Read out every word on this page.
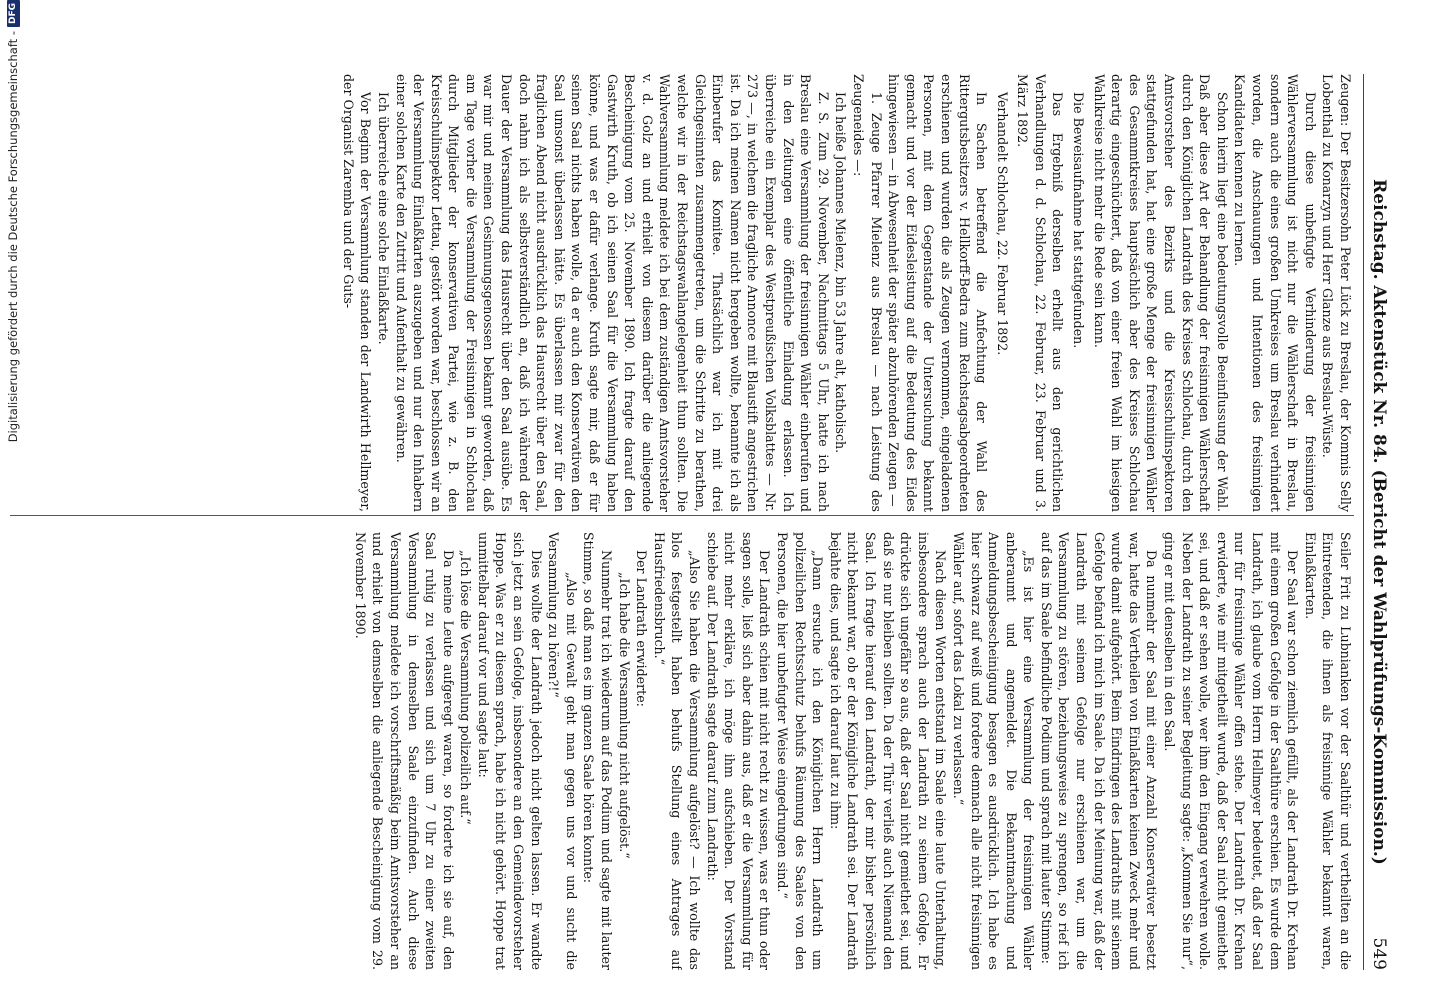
Reichstag. Aktenstück Nr. 84. (Bericht der Wahlprüfungs-Kommission.)
549

Zeugen: Der Besitzersohn Peter Lück zu Breslau, der Kommis Selly Lobenthal zu Konarzyn und Herr Glanze aus Breslau-Wüste.

Durch diese unbefugte Verhinderung der freisinnigen Wählerversammlung ist nicht nur die Wählerschaft in Breslau, sondern auch die eines großen Umkreises um Breslau verhindert worden, die Anschauungen und Intentionen des freisinnigen Kandidaten kennen zu lernen.

Schon hierin liegt eine bedeutungsvolle Beeinflussung der Wahl. Daß aber diese Art der Behandlung der freisinnigen Wählerschaft durch den Königlichen Landrath des Kreises Schlochau, durch den Amtsvorsteher des Bezirks und die Kreisschulinspektoren stattgefunden hat, hat eine große Menge der freisinnigen Wähler des Gesammtkreises hauptsächlich aber des Kreises Schlochau derartig eingeschüchtert, daß von einer freien Wahl im hiesigen Wahlkreise nicht mehr die Rede sein kann.

Die Beweisaufnahme hat stattgefunden.

Das Ergebniß derselben erhellt aus den gerichtlichen Verhandlungen d. d. Schlochau, 22. Februar, 23. Februar und 3. März 1892.

Verhandelt Schlochau, 22. Februar 1892.

In Sachen betreffend die Anfechtung der Wahl des Rittergutsbesitzers v. Hellkorff-Bedra zum Reichstagsabgeordneten erschienen und wurden die als Zeugen vernommen, eingeladenen Personen, mit dem Gegenstande der Untersuchung bekannt gemacht und vor der Eidesleistung auf die Bedeutung des Eides hingewiesen — in Abwesenheit der später abzuhörenden Zeugen —

1. Zeuge Pfarrer Mielenz aus Breslau — nach Leistung des Zeugeneides —:

Ich heiße Johannes Mielenz, bin 53 Jahre alt, katholisch.

Z. S. Zum 29. November, Nachmittags 5 Uhr, hatte ich nach Breslau eine Versammlung der freisinnigen Wähler einberufen und in den Zeitungen eine öffentliche Einladung erlassen. Ich überreiche ein Exemplar des Westpreußischen Volksblattes — Nr. 273 —, in welchem die fragliche Annonce mit Blaustift angestrichen ist. Da ich meinen Namen nicht hergeben wollte, benannte ich als Einberufer das Komitee. Thatsächlich war ich mit drei Gleichgesinnten zusammengetreten, um die Schritte zu berathen, welche wir in der Reichstagswahlangelegenheit thun sollten. Die Wahlversammlung meldete ich bei dem zuständigen Amtsvorsteher v. d. Golz an und erhielt von diesem darüber die anliegende Bescheinigung vom 25. November 1890. Ich fragte darauf den Gastwirth Kruth, ob ich seinen Saal für die Versammlung haben könne, und was er dafür verlange. Kruth sagte mir, daß er für seinen Saal nichts haben wolle, da er auch den Konservativen den Saal umsonst überlassen hätte. Es überlassen mir zwar für den fraglichen Abend nicht ausdrücklich das Hausrecht über den Saal, doch nahm ich als selbstverständlich an, daß ich während der Dauer der Versammlung das Hausrecht über den Saal ausübe. Es war mir und meinen Gesinnungsgenossen bekannt geworden, daß am Tage vorher die Versammlung der Freisinnigen in Schlochau durch Mitglieder der konservativen Partei, wie z. B. den Kreisschulinspektor Lettau, gestört worden war, beschlossen wir an der Versammlung Einlaßkarten auszugeben und nur den Inhabern einer solchen Karte den Zutritt und Aufenthalt zu gewähren.

Ich überreiche eine solche Einlaßkarte.

Vor Beginn der Versammlung standen der Landwirth Hellmeyer, der Organist Zaremba und der Guts-

Seiler Frit zu Lubnianken vor der Saalthür und vertheilten an die Eintretenden, die ihnen als freisinnige Wähler bekannt waren, Einlaßkarten.

Der Saal war schon ziemlich gefüllt, als der Landrath Dr. Krehan mit einem großen Gefolge in der Saalthüre erschien. Es wurde dem Landrath, ich glaube vom Herrn Hellmeyer bedeutet, daß der Saal nur für freisinnige Wähler offen stehe. Der Landrath Dr. Krehan erwiderte, wie mir mitgetheilt wurde, daß der Saal nicht gemiethet sei, und daß er sehen wolle, wer ihm den Eingang verwehren wolle. Neben der Landrath zu seiner Begleitung sagte: „Kommen Sie nur“, ging er mit denselben in den Saal.

Da nunmehr der Saal mit einer Anzahl Konservativer besetzt war, hatte das Vertheilen von Einlaßkarten keinen Zweck mehr und wurde damit aufgehört. Beim Eindringen des Landraths mit seinem Gefolge befand ich mich im Saale. Da ich der Meinung war, daß der Landrath mit seinem Gefolge nur erschienen war, um die Versammlung zu stören, beziehungsweise zu sprengen, so rief ich auf das im Saale befindliche Podium und sprach mit lauter Stimme:

„Es ist hier eine Versammlung der freisinnigen Wähler anberaumt und angemeldet. Die Bekanntmachung und Anmeldungsbescheinigung besagen es ausdrücklich. Ich habe es hier schwarz auf weiß und fordere demnach alle nicht freisinnigen Wähler auf, sofort das Lokal zu verlassen.“

Nach diesen Worten entstand im Saale eine laute Unterhaltung, insbesondere sprach auch der Landrath zu seinem Gefolge. Er drückte sich ungefähr so aus, daß der Saal nicht gemiethet sei, und daß sie nur bleiben sollten. Da der Thür verließ auch Niemand den Saal. Ich fragte hierauf den Landrath, der mir bisher persönlich nicht bekannt war, ob er der Königliche Landrath sei. Der Landrath bejahte dies, und sagte ich darauf laut zu ihm:

„Dann ersuche ich den Königlichen Herrn Landrath um polizeilichen Rechtsschutz behufs Räumung des Saales von den Personen, die hier unbefugter Weise eingedrungen sind.“

Der Landrath schien mit nicht recht zu wissen, was er thun oder sagen solle, ließ sich aber dahin aus, daß er die Versammlung für nicht mehr erkläre, ich möge ihm aufschieben. Der Vorstand schiebe auf. Der Landrath sagte darauf zum Landrath:

„Also Sie haben die Versammlung aufgelöst? — Ich wollte das blos festgestellt haben behufs Stellung eines Antrages auf Hausfriedensbruch.“

Der Landrath erwiderte:

„Ich habe die Versammlung nicht aufgelöst.“

Nunmehr trat ich wiederum auf das Podium und sagte mit lauter Stimme, so daß man es im ganzen Saale hören konnte:

„Also mit Gewalt geht man gegen uns vor und sucht die Versammlung zu hören?!“

Dies wollte der Landrath jedoch nicht gelten lassen. Er wandte sich jetzt an sein Gefolge, insbesondere an den Gemeindevorsteher Hoppe. Was er zu diesem sprach, habe ich nicht gehört. Hoppe trat unmittelbar darauf vor und sagte laut:

„Ich löse die Versammlung polizeilich auf.“

Da meine Leute aufgeregt waren, so forderte ich sie auf, den Saal ruhig zu verlassen und sich um 7 Uhr zu einer zweiten Versammlung in demselben Saale einzufinden. Auch diese Versammlung meldete ich vorschriftsmäßig beim Amtsvorsteher an und erhielt von demselben die anliegende Bescheinigung vom 29. November 1890.

Digitalisierung gefördert durch die Deutsche Forschungsgemeinschaft -DFG
